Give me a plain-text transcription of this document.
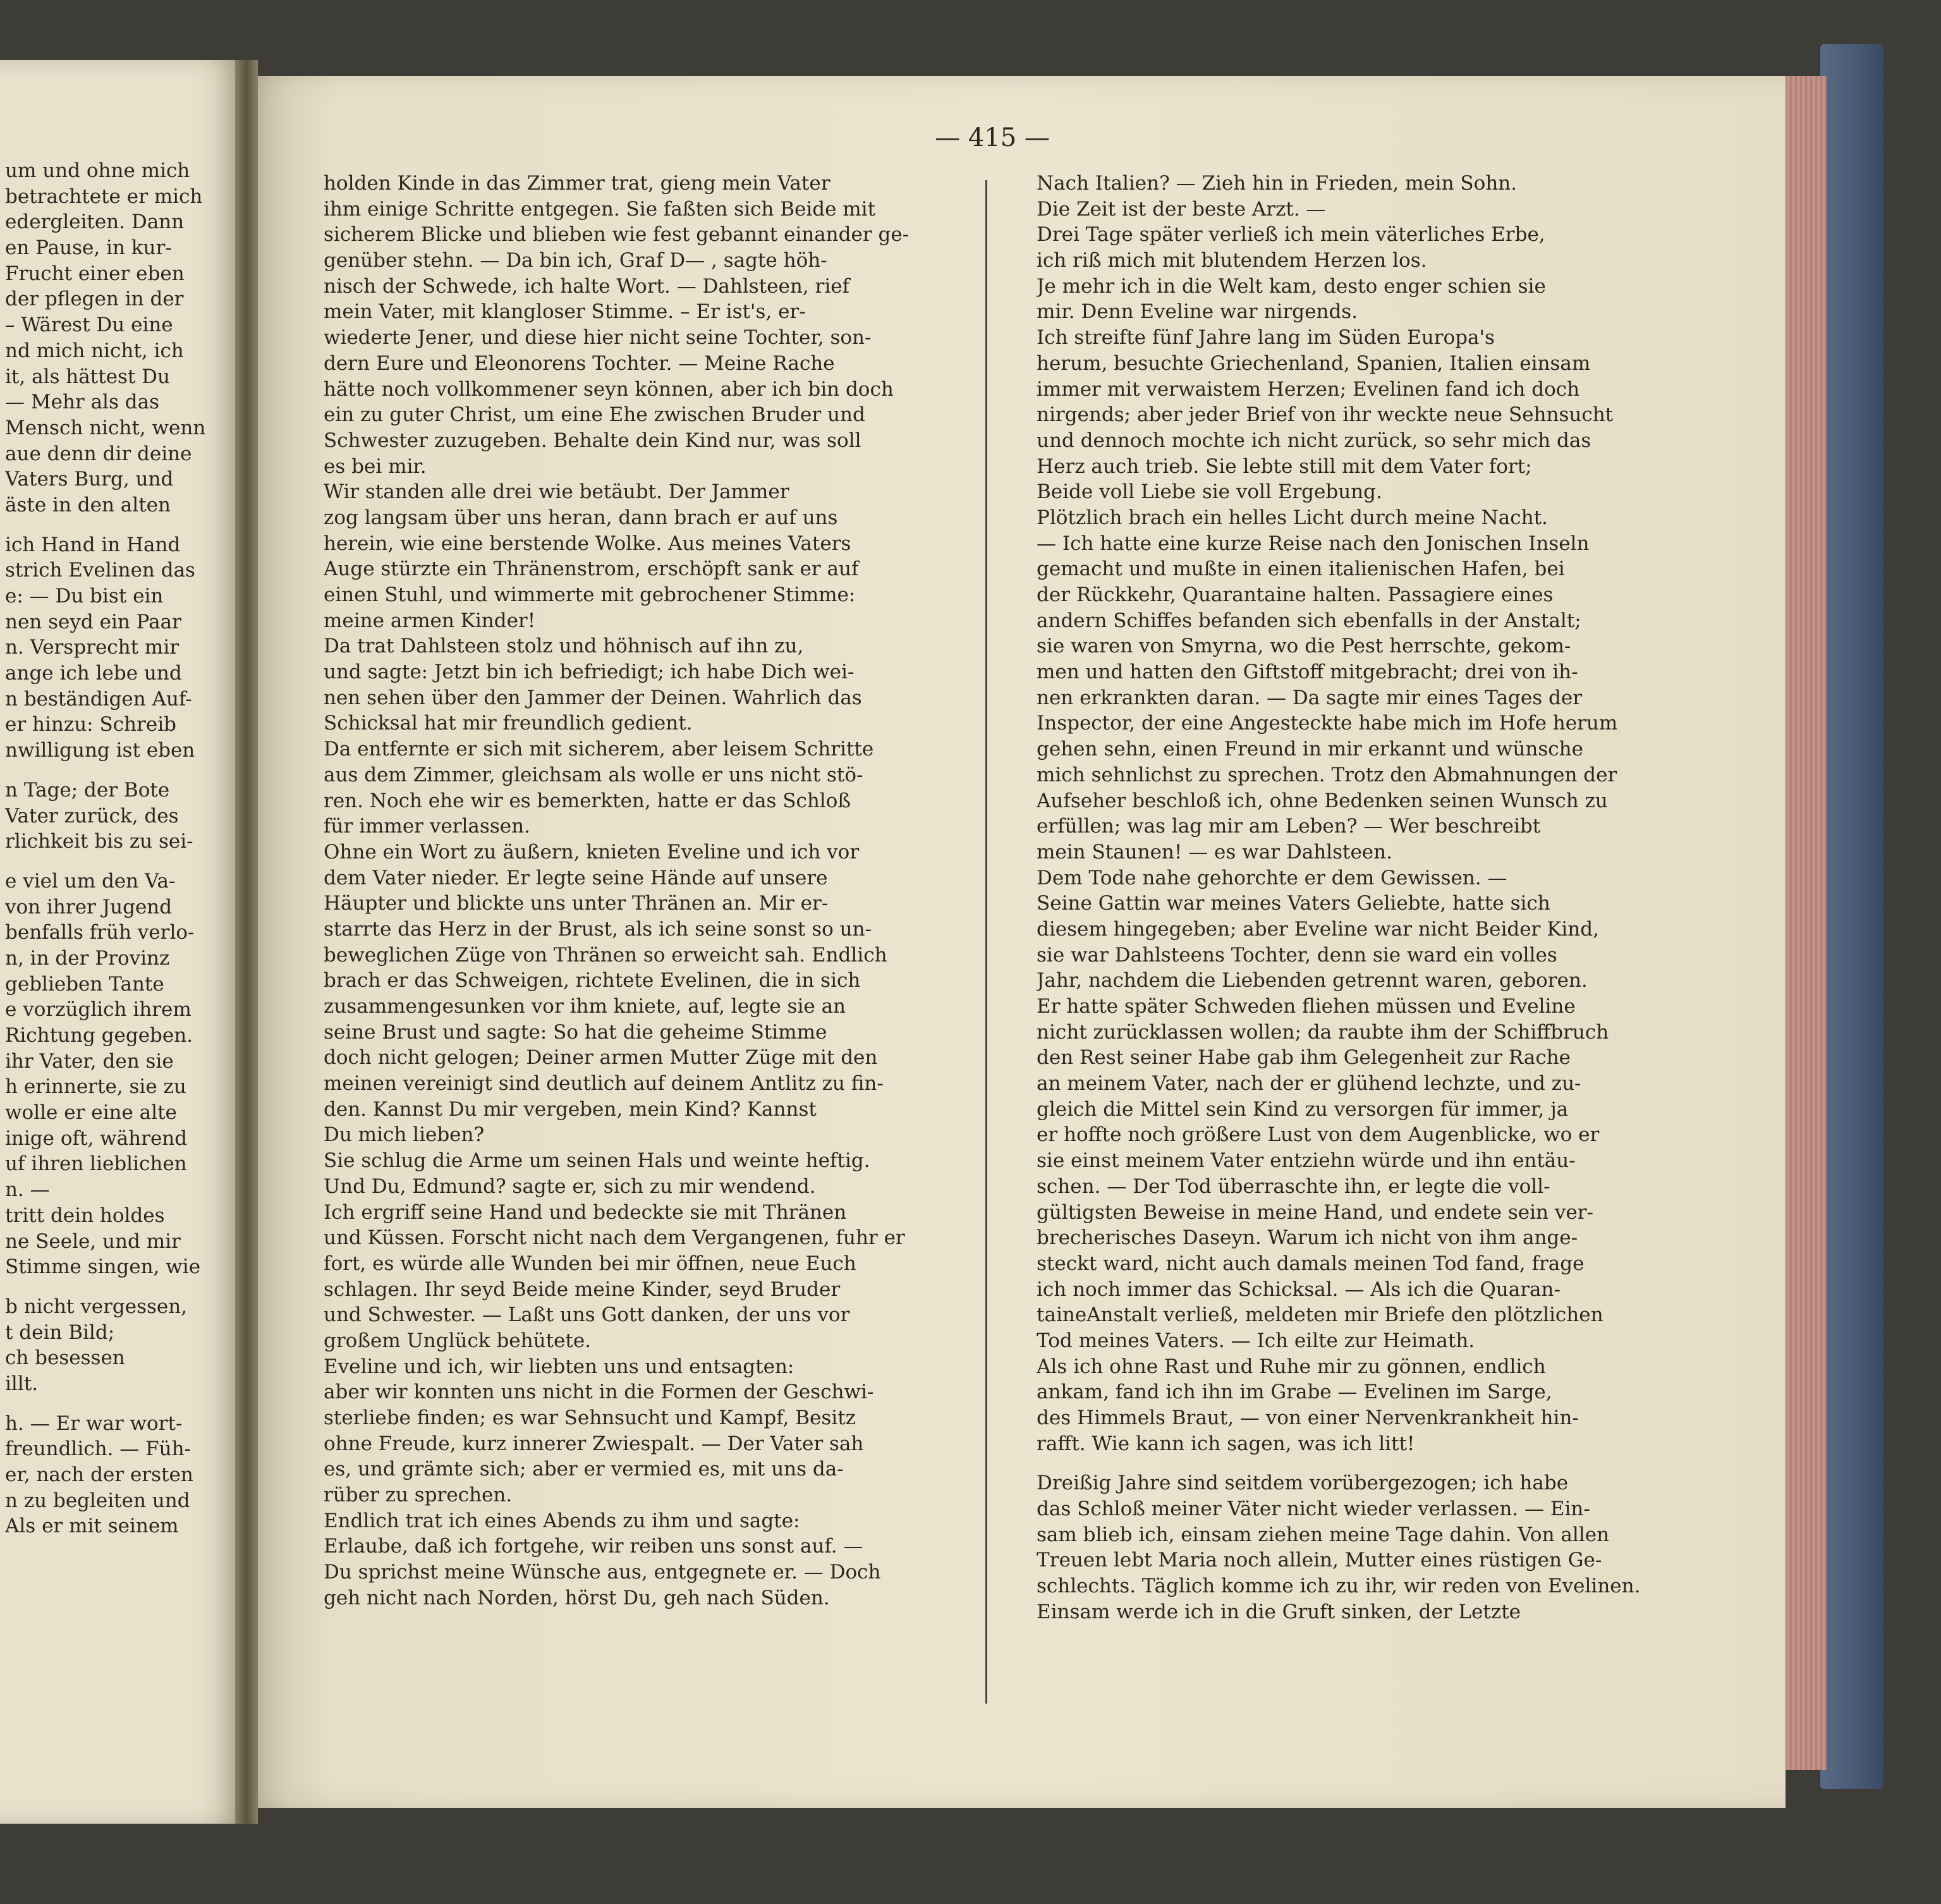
— 415 —
um und ohne mich
betrachtete er mich
edergleiten. Dann
en Pause, in kur-
Frucht einer eben
der pflegen in der
– Wärest Du eine
nd mich nicht, ich
it, als hättest Du
— Mehr als das
Mensch nicht, wenn
aue denn dir deine
Vaters Burg, und
äste in den alten
ich Hand in Hand
strich Evelinen das
e: — Du bist ein
nen seyd ein Paar
n. Versprecht mir
ange ich lebe und
n beständigen Auf-
er hinzu: Schreib
nwilligung ist eben
n Tage; der Bote
Vater zurück, des
rlichkeit bis zu sei-
e viel um den Va-
von ihrer Jugend
benfalls früh verlo-
n, in der Provinz
geblieben Tante
e vorzüglich ihrem
Richtung gegeben.
ihr Vater, den sie
h erinnerte, sie zu
wolle er eine alte
inige oft, während
uf ihren lieblichen
n. —
tritt dein holdes
ne Seele, und mir
Stimme singen, wie
b nicht vergessen,
t dein Bild;
ch besessen
illt.
h. — Er war wort-
freundlich. — Füh-
er, nach der ersten
n zu begleiten und
Als er mit seinem
holden Kinde in das Zimmer trat, gieng mein Vater
ihm einige Schritte entgegen. Sie faßten sich Beide mit
sicherem Blicke und blieben wie fest gebannt einander ge-
genüber stehn. — Da bin ich, Graf D— , sagte höh-
nisch der Schwede, ich halte Wort. — Dahlsteen, rief
mein Vater, mit klangloser Stimme. – Er ist's, er-
wiederte Jener, und diese hier nicht seine Tochter, son-
dern Eure und Eleonorens Tochter. — Meine Rache
hätte noch vollkommener seyn können, aber ich bin doch
ein zu guter Christ, um eine Ehe zwischen Bruder und
Schwester zuzugeben. Behalte dein Kind nur, was soll
es bei mir.
Wir standen alle drei wie betäubt. Der Jammer
zog langsam über uns heran, dann brach er auf uns
herein, wie eine berstende Wolke. Aus meines Vaters
Auge stürzte ein Thränenstrom, erschöpft sank er auf
einen Stuhl, und wimmerte mit gebrochener Stimme:
meine armen Kinder!
Da trat Dahlsteen stolz und höhnisch auf ihn zu,
und sagte: Jetzt bin ich befriedigt; ich habe Dich wei-
nen sehen über den Jammer der Deinen. Wahrlich das
Schicksal hat mir freundlich gedient.
Da entfernte er sich mit sicherem, aber leisem Schritte
aus dem Zimmer, gleichsam als wolle er uns nicht stö-
ren. Noch ehe wir es bemerkten, hatte er das Schloß
für immer verlassen.
Ohne ein Wort zu äußern, knieten Eveline und ich vor
dem Vater nieder. Er legte seine Hände auf unsere
Häupter und blickte uns unter Thränen an. Mir er-
starrte das Herz in der Brust, als ich seine sonst so un-
beweglichen Züge von Thränen so erweicht sah. Endlich
brach er das Schweigen, richtete Evelinen, die in sich
zusammengesunken vor ihm kniete, auf, legte sie an
seine Brust und sagte: So hat die geheime Stimme
doch nicht gelogen; Deiner armen Mutter Züge mit den
meinen vereinigt sind deutlich auf deinem Antlitz zu fin-
den. Kannst Du mir vergeben, mein Kind? Kannst
Du mich lieben?
Sie schlug die Arme um seinen Hals und weinte heftig.
Und Du, Edmund? sagte er, sich zu mir wendend.
Ich ergriff seine Hand und bedeckte sie mit Thränen
und Küssen. Forscht nicht nach dem Vergangenen, fuhr er
fort, es würde alle Wunden bei mir öffnen, neue Euch
schlagen. Ihr seyd Beide meine Kinder, seyd Bruder
und Schwester. — Laßt uns Gott danken, der uns vor
großem Unglück behütete.
Eveline und ich, wir liebten uns und entsagten:
aber wir konnten uns nicht in die Formen der Geschwi-
sterliebe finden; es war Sehnsucht und Kampf, Besitz
ohne Freude, kurz innerer Zwiespalt. — Der Vater sah
es, und grämte sich; aber er vermied es, mit uns da-
rüber zu sprechen.
Endlich trat ich eines Abends zu ihm und sagte:
Erlaube, daß ich fortgehe, wir reiben uns sonst auf. —
Du sprichst meine Wünsche aus, entgegnete er. — Doch
geh nicht nach Norden, hörst Du, geh nach Süden.
Nach Italien? — Zieh hin in Frieden, mein Sohn.
Die Zeit ist der beste Arzt. —
Drei Tage später verließ ich mein väterliches Erbe,
ich riß mich mit blutendem Herzen los.
Je mehr ich in die Welt kam, desto enger schien sie
mir. Denn Eveline war nirgends.
Ich streifte fünf Jahre lang im Süden Europa's
herum, besuchte Griechenland, Spanien, Italien einsam
immer mit verwaistem Herzen; Evelinen fand ich doch
nirgends; aber jeder Brief von ihr weckte neue Sehnsucht
und dennoch mochte ich nicht zurück, so sehr mich das
Herz auch trieb. Sie lebte still mit dem Vater fort;
Beide voll Liebe sie voll Ergebung.
Plötzlich brach ein helles Licht durch meine Nacht.
— Ich hatte eine kurze Reise nach den Jonischen Inseln
gemacht und mußte in einen italienischen Hafen, bei
der Rückkehr, Quarantaine halten. Passagiere eines
andern Schiffes befanden sich ebenfalls in der Anstalt;
sie waren von Smyrna, wo die Pest herrschte, gekom-
men und hatten den Giftstoff mitgebracht; drei von ih-
nen erkrankten daran. — Da sagte mir eines Tages der
Inspector, der eine Angesteckte habe mich im Hofe herum
gehen sehn, einen Freund in mir erkannt und wünsche
mich sehnlichst zu sprechen. Trotz den Abmahnungen der
Aufseher beschloß ich, ohne Bedenken seinen Wunsch zu
erfüllen; was lag mir am Leben? — Wer beschreibt
mein Staunen! — es war Dahlsteen.
Dem Tode nahe gehorchte er dem Gewissen. —
Seine Gattin war meines Vaters Geliebte, hatte sich
diesem hingegeben; aber Eveline war nicht Beider Kind,
sie war Dahlsteens Tochter, denn sie ward ein volles
Jahr, nachdem die Liebenden getrennt waren, geboren.
Er hatte später Schweden fliehen müssen und Eveline
nicht zurücklassen wollen; da raubte ihm der Schiffbruch
den Rest seiner Habe gab ihm Gelegenheit zur Rache
an meinem Vater, nach der er glühend lechzte, und zu-
gleich die Mittel sein Kind zu versorgen für immer, ja
er hoffte noch größere Lust von dem Augenblicke, wo er
sie einst meinem Vater entziehn würde und ihn entäu-
schen. — Der Tod überraschte ihn, er legte die voll-
gültigsten Beweise in meine Hand, und endete sein ver-
brecherisches Daseyn. Warum ich nicht von ihm ange-
steckt ward, nicht auch damals meinen Tod fand, frage
ich noch immer das Schicksal. — Als ich die Quaran-
taineAnstalt verließ, meldeten mir Briefe den plötzlichen
Tod meines Vaters. — Ich eilte zur Heimath.
Als ich ohne Rast und Ruhe mir zu gönnen, endlich
ankam, fand ich ihn im Grabe — Evelinen im Sarge,
des Himmels Braut, — von einer Nervenkrankheit hin-
rafft. Wie kann ich sagen, was ich litt!
Dreißig Jahre sind seitdem vorübergezogen; ich habe
das Schloß meiner Väter nicht wieder verlassen. — Ein-
sam blieb ich, einsam ziehen meine Tage dahin. Von allen
Treuen lebt Maria noch allein, Mutter eines rüstigen Ge-
schlechts. Täglich komme ich zu ihr, wir reden von Evelinen.
Einsam werde ich in die Gruft sinken, der Letzte
